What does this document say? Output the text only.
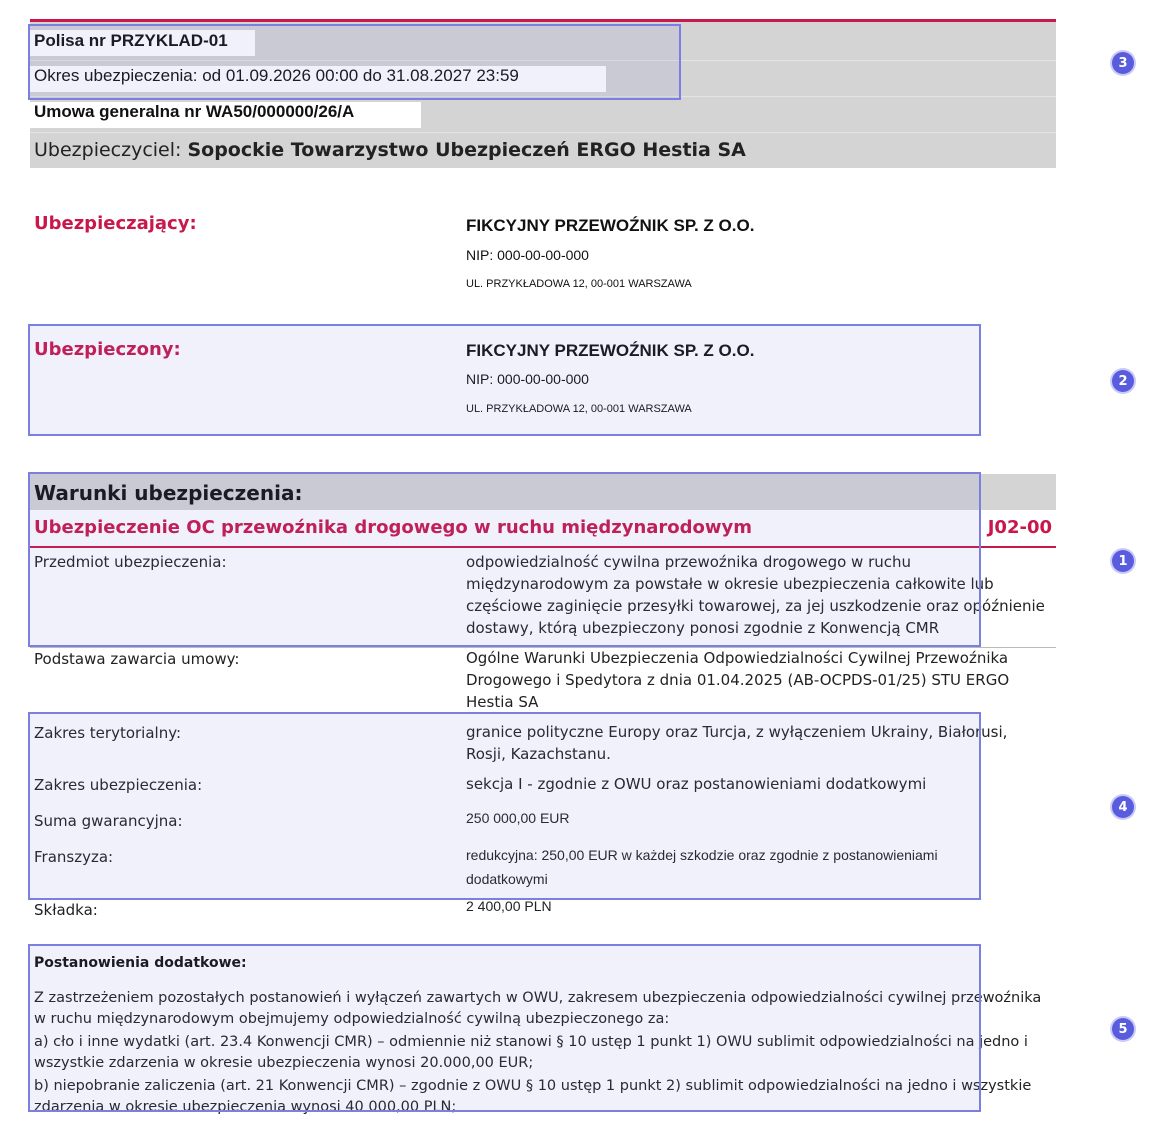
Polisa nr PRZYKLAD-01
Okres ubezpieczenia: od 01.09.2026 00:00 do 31.08.2027 23:59
Umowa generalna nr WA50/000000/26/A
Ubezpieczyciel: Sopockie Towarzystwo Ubezpieczeń ERGO Hestia SA
Ubezpieczający:	FIKCYJNY PRZEWOŹNIK SP. Z O.O.
NIP: 000-00-00-000
UL. PRZYKŁADOWA 12, 00-001 WARSZAWA
Ubezpieczony:	FIKCYJNY PRZEWOŹNIK SP. Z O.O.
NIP: 000-00-00-000
UL. PRZYKŁADOWA 12, 00-001 WARSZAWA
Warunki ubezpieczenia:
Ubezpieczenie OC przewoźnika drogowego w ruchu międzynarodowym	J02-00
Przedmiot ubezpieczenia:	odpowiedzialność cywilna przewoźnika drogowego w ruchu międzynarodowym za powstałe w okresie ubezpieczenia całkowite lub częściowe zaginięcie przesyłki towarowej, za jej uszkodzenie oraz opóźnienie dostawy, którą ubezpieczony ponosi zgodnie z Konwencją CMR
Podstawa zawarcia umowy:	Ogólne Warunki Ubezpieczenia Odpowiedzialności Cywilnej Przewoźnika Drogowego i Spedytora z dnia 01.04.2025 (AB-OCPDS-01/25) STU ERGO Hestia SA
Zakres terytorialny:	granice polityczne Europy oraz Turcja, z wyłączeniem Ukrainy, Białorusi, Rosji, Kazachstanu.
Zakres ubezpieczenia:	sekcja I - zgodnie z OWU oraz postanowieniami dodatkowymi
Suma gwarancyjna:	250 000,00 EUR
Franszyza:	redukcyjna: 250,00 EUR w każdej szkodzie oraz zgodnie z postanowieniami dodatkowymi
Składka:	2 400,00 PLN
Postanowienia dodatkowe:

Z zastrzeżeniem pozostałych postanowień i wyłączeń zawartych w OWU, zakresem ubezpieczenia odpowiedzialności cywilnej przewoźnika w ruchu międzynarodowym obejmujemy odpowiedzialność cywilną ubezpieczonego za:

a) cło i inne wydatki (art. 23.4 Konwencji CMR) – odmiennie niż stanowi § 10 ustęp 1 punkt 1) OWU sublimit odpowiedzialności na jedno i wszystkie zdarzenia w okresie ubezpieczenia wynosi 20.000,00 EUR;

b) niepobranie zaliczenia (art. 21 Konwencji CMR) – zgodnie z OWU § 10 ustęp 1 punkt 2) sublimit odpowiedzialności na jedno i wszystkie zdarzenia w okresie ubezpieczenia wynosi 40 000,00 PLN;

3
2
1
4
5
